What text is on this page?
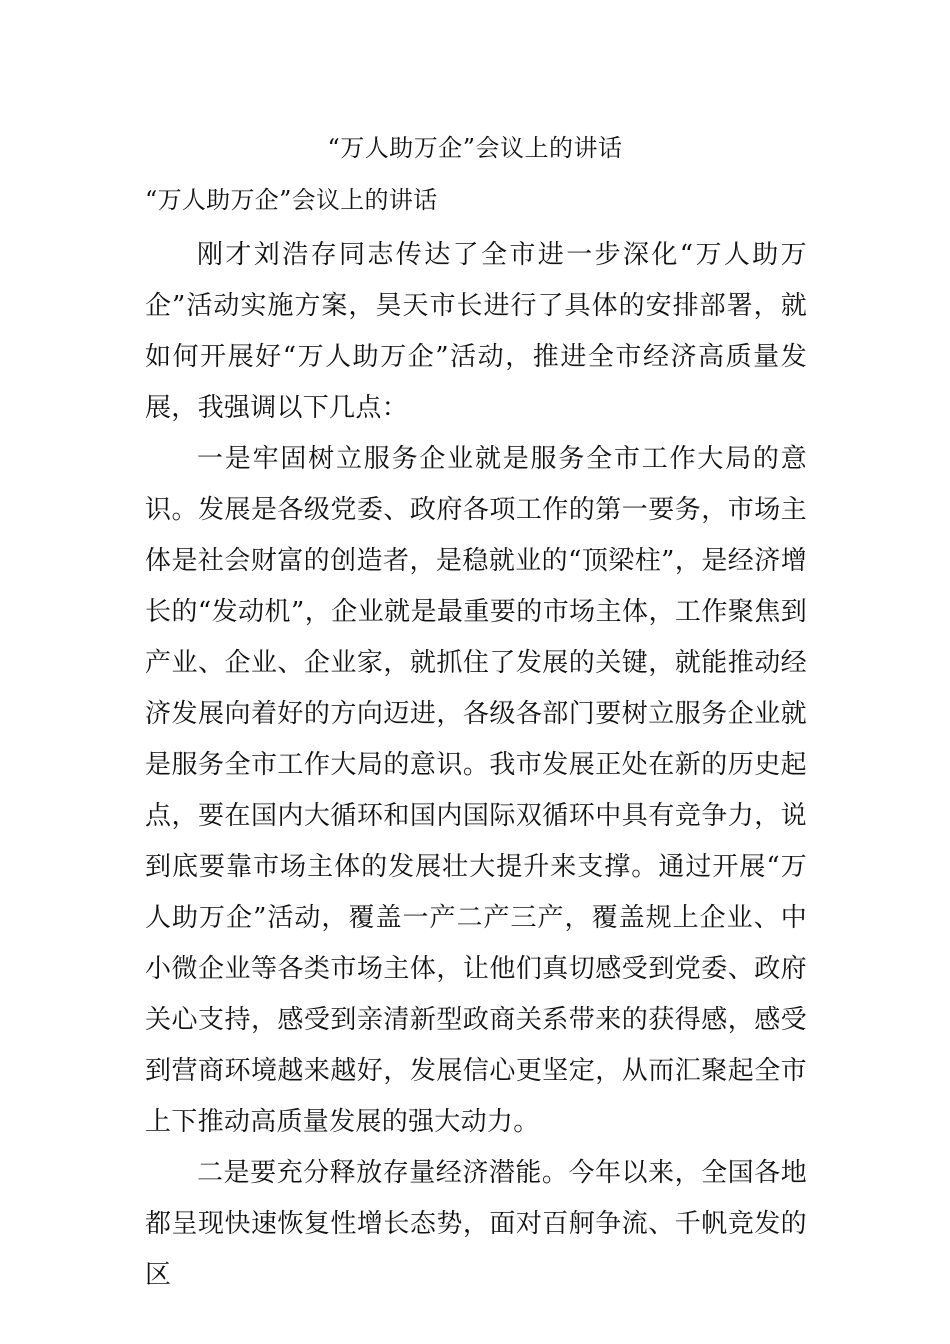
“万人助万企”会议上的讲话

“万人助万企”会议上的讲话

刚才刘浩存同志传达了全市进一步深化“万人助万企”活动实施方案，昊天市长进行了具体的安排部署，就如何开展好“万人助万企”活动，推进全市经济高质量发展，我强调以下几点：

一是牢固树立服务企业就是服务全市工作大局的意识。发展是各级党委、政府各项工作的第一要务，市场主体是社会财富的创造者，是稳就业的“顶梁柱”，是经济增长的“发动机”，企业就是最重要的市场主体，工作聚焦到产业、企业、企业家，就抓住了发展的关键，就能推动经济发展向着好的方向迈进，各级各部门要树立服务企业就是服务全市工作大局的意识。我市发展正处在新的历史起点，要在国内大循环和国内国际双循环中具有竞争力，说到底要靠市场主体的发展壮大提升来支撑。通过开展“万人助万企”活动，覆盖一产二产三产，覆盖规上企业、中小微企业等各类市场主体，让他们真切感受到党委、政府关心支持，感受到亲清新型政商关系带来的获得感，感受到营商环境越来越好，发展信心更坚定，从而汇聚起全市上下推动高质量发展的强大动力。

二是要充分释放存量经济潜能。今年以来，全国各地都呈现快速恢复性增长态势，面对百舸争流、千帆竞发的区
